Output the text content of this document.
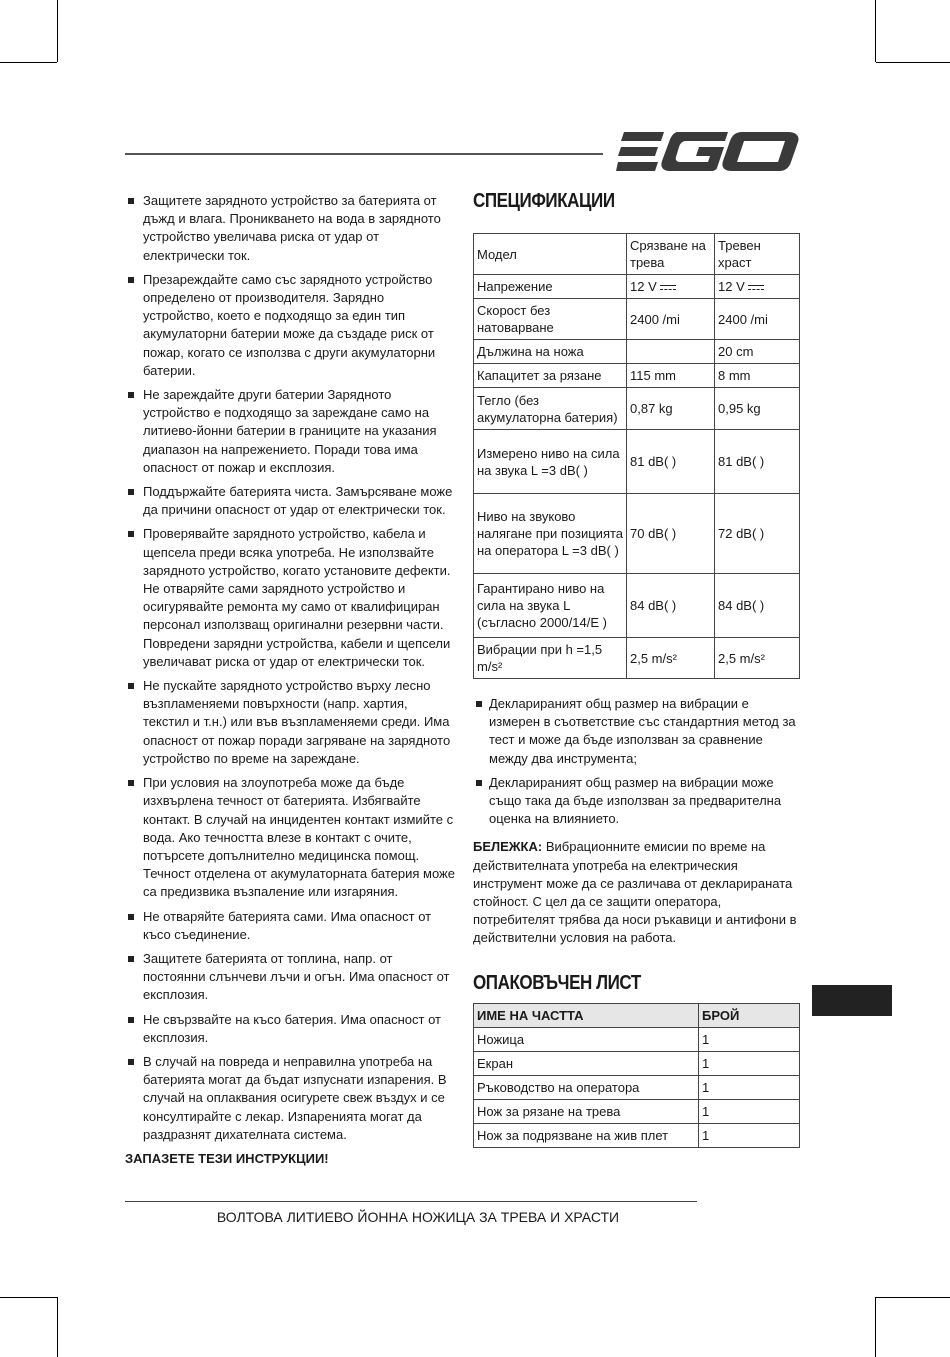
Защитете зарядното устройство за батерията от дъжд и влага. Проникването на вода в зарядното устройство увеличава риска от удар от електрически ток.
Презареждайте само със зарядното устройство определено от производителя. Зарядно устройство, което е подходящо за един тип акумулаторни батерии може да създаде риск от пожар, когато се използва с други акумулаторни батерии.
Не зареждайте други батерии Зарядното устройство е подходящо за зареждане само на литиево-йонни батерии в границите на указания диапазон на напрежението. Поради това има опасност от пожар и експлозия.
Поддържайте батерията чиста. Замърсяване може да причини опасност от удар от електрически ток.
Проверявайте зарядното устройство, кабела и щепсела преди всяка употреба. Не използвайте зарядното устройство, когато установите дефекти. Не отваряйте сами зарядното устройство и осигурявайте ремонта му само от квалифициран персонал използващ оригинални резервни части. Повредени зарядни устройства, кабели и щепсели увеличават риска от удар от електрически ток.
Не пускайте зарядното устройство върху лесно възпламеняеми повърхности (напр. хартия, текстил и т.н.) или във възпламеняеми среди. Има опасност от пожар поради загряване на зарядното устройство по време на зареждане.
При условия на злоупотреба може да бъде изхвърлена течност от батерията. Избягвайте контакт. В случай на инцидентен контакт измийте с вода. Ако течността влезе в контакт с очите, потърсете допълнително медицинска помощ. Течност отделена от акумулаторната батерия може са предизвика възпаление или изгаряния.
Не отваряйте батерията сами. Има опасност от късо съединение.
Защитете батерията от топлина, напр. от постоянни слънчеви лъчи и огън. Има опасност от експлозия.
Не свързвайте на късо батерия. Има опасност от експлозия.
В случай на повреда и неправилна употреба на батерията могат да бъдат изпуснати изпарения. В случай на оплаквания осигурете свеж въздух и се консултирайте с лекар. Изпаренията могат да раздразнят дихателната система.
ЗАПАЗЕТЕ ТЕЗИ ИНСТРУКЦИИ!
СПЕЦИФИКАЦИИ
Модел	Срязване на трева	Тревен храст
Напрежение	12 V	12 V
Скорост без натоварване	2400 /mi	2400 /mi
Дължина на ножа		20 cm
Капацитет за рязане	115 mm	8 mm
Тегло (без акумулаторна батерия)	0,87 kg	0,95 kg
Измерено ниво на сила на звука L =3 dB( )	81 dB( )	81 dB( )
Ниво на звуково налягане при позицията на оператора L =3 dB( )	70 dB( )	72 dB( )
Гарантирано ниво на сила на звука L (съгласно 2000/14/E )	84 dB( )	84 dB( )
Вибрации при h =1,5 m/s²	2,5 m/s²	2,5 m/s²
Декларираният общ размер на вибрации е измерен в съответствие със стандартния метод за тест и може да бъде използван за сравнение между два инструмента;
Декларираният общ размер на вибрации може също така да бъде използван за предварителна оценка на влиянието.
БЕЛЕЖКА: Вибрационните емисии по време на действителната употреба на електрическия инструмент може да се различава от декларираната стойност. С цел да се защити оператора, потребителят трябва да носи ръкавици и антифони в действителни условия на работа.
ОПАКОВЪЧЕН ЛИСТ
ИМЕ НА ЧАСТТА	БРОЙ
Ножица	1
Екран	1
Ръководство на оператора	1
Нож за рязане на трева	1
Нож за подрязване на жив плет	1
ВОЛТОВА ЛИТИЕВО ЙОННА НОЖИЦА ЗА ТРЕВА И ХРАСТИ
